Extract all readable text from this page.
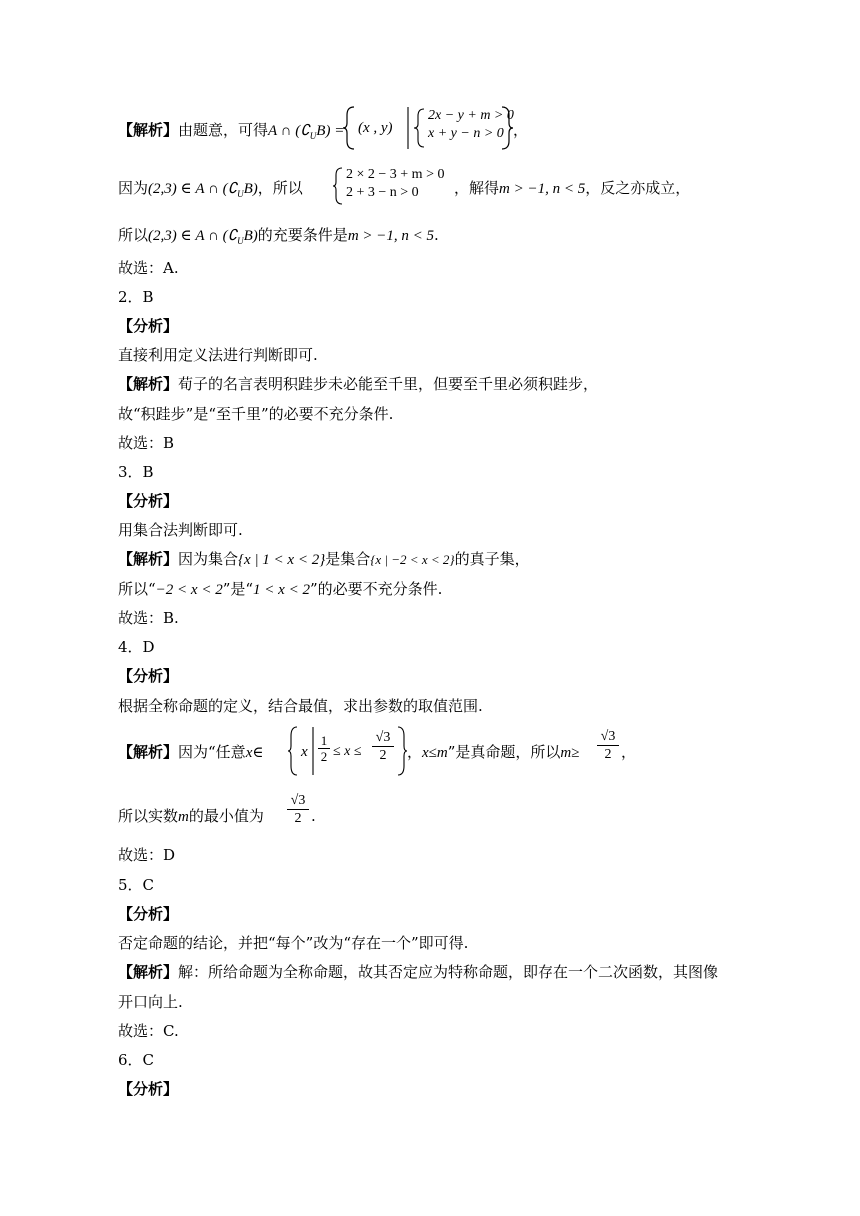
【解析】由题意，可得A ∩ $(∁_UB) = (x$ , y)
2x − y + m > 0
x + y − n > 0 ，
因为(2,3) ∈ A ∩ $(∁_UB)$，所以
2 × 2 − 3 + m > 0
2 + 3 − n > 0	，解得m > −1, n < 5，反之亦成立，
所以(2,3) ∈ A ∩ $(∁_UB)$的充要条件是m > −1, n < 5.
故选：A.
2．B
【分析】
直接利用定义法进行判断即可.
【解析】荀子的名言表明积跬步未必能至千里，但要至千里必须积跬步，
故“积跬步”是“至千里”的必要不充分条件.
故选：B
3．B
【分析】
用集合法判断即可.
【解析】因为集合{x | 1 < x < 2}是集合{x | −2 < x < 2}的真子集，
所以“−2 < x < 2”是“1 < x < 2”的必要不充分条件.
故选：B.
4．D
【分析】
根据全称命题的定义，结合最值，求出参数的取值范围.
【解析】因为“任意x∈	x
1
2 ≤ x ≤
√3
2	，x≤m”是真命题，所以m≥
√3
2 ，
所以实数m的最小值为
√3
2 .
故选：D
5．C
【分析】
否定命题的结论，并把“每个”改为“存在一个”即可得.
【解析】解：所给命题为全称命题，故其否定应为特称命题，即存在一个二次函数，其图像
开口向上.
故选：C.
6．C
【分析】
